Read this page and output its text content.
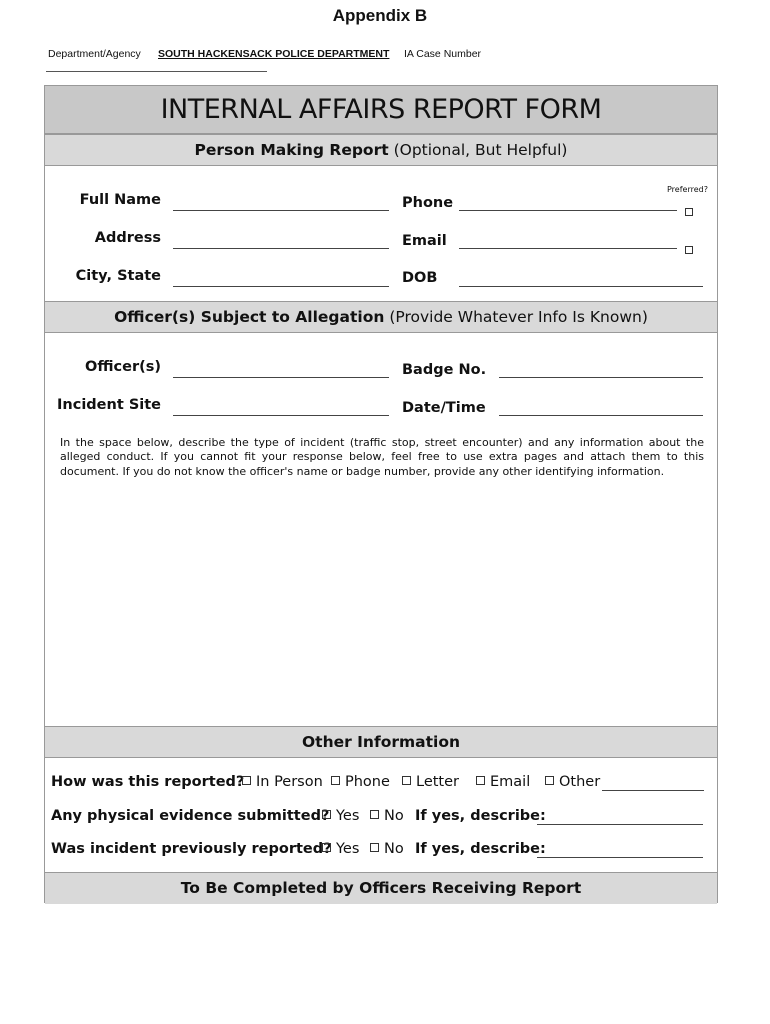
Appendix B
Department/Agency SOUTH HACKENSACK POLICE DEPARTMENT IA Case Number
INTERNAL AFFAIRS REPORT FORM
Person Making Report (Optional, But Helpful)
Preferred?
Full Name	Phone
Address	Email
City, State	DOB
Officer(s) Subject to Allegation (Provide Whatever Info Is Known)
Officer(s)	Badge No.
Incident Site	Date/Time
In the space below, describe the type of incident (traffic stop, street encounter) and any information about the alleged conduct. If you cannot fit your response below, feel free to use extra pages and attach them to this document. If you do not know the officer's name or badge number, provide any other identifying information.
Other Information
How was this reported? In Person	Phone	Letter	Email	Other
Any physical evidence submitted? Yes	No If yes, describe:
Was incident previously reported? Yes	No If yes, describe:
To Be Completed by Officers Receiving Report
